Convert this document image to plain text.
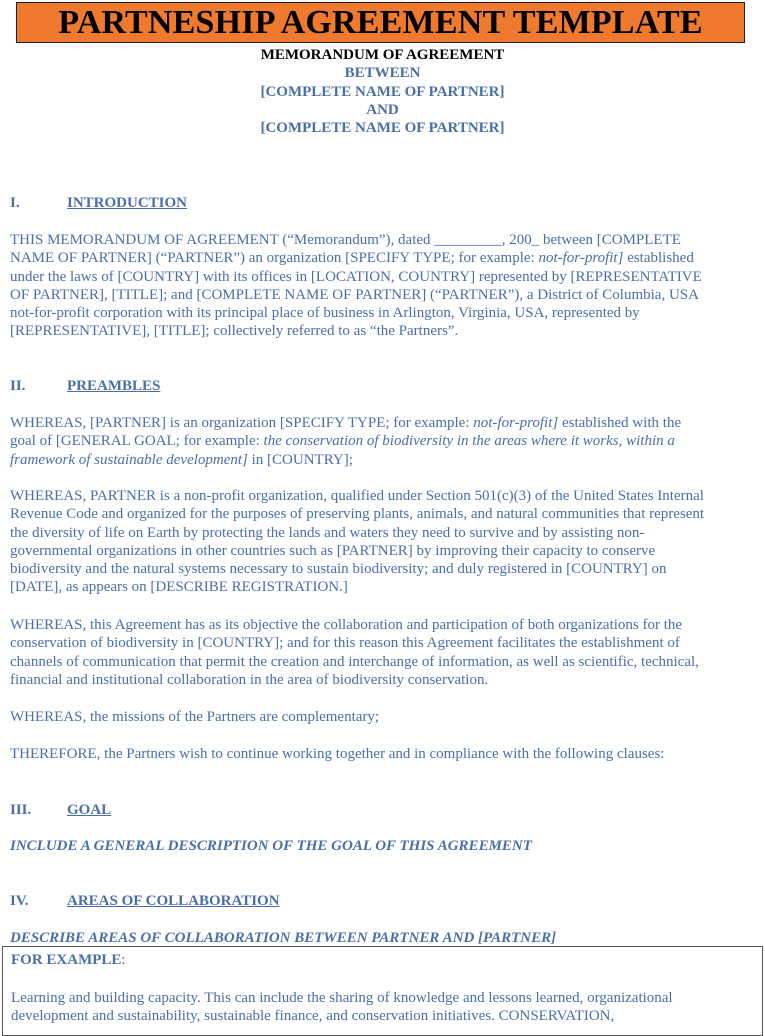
PARTNESHIP AGREEMENT TEMPLATE
MEMORANDUM OF AGREEMENT
BETWEEN
[COMPLETE NAME OF PARTNER]
AND
[COMPLETE NAME OF PARTNER]
I.	INTRODUCTION
THIS MEMORANDUM OF AGREEMENT (“Memorandum”), dated _________, 200_ between [COMPLETE
NAME OF PARTNER] (“PARTNER”) an organization [SPECIFY TYPE; for example: not-for-profit] established
under the laws of [COUNTRY] with its offices in [LOCATION, COUNTRY] represented by [REPRESENTATIVE
OF PARTNER], [TITLE]; and [COMPLETE NAME OF PARTNER] (“PARTNER”), a District of Columbia, USA
not-for-profit corporation with its principal place of business in Arlington, Virginia, USA, represented by
[REPRESENTATIVE], [TITLE]; collectively referred to as “the Partners”.
II.	PREAMBLES
WHEREAS, [PARTNER] is an organization [SPECIFY TYPE; for example: not-for-profit] established with the
goal of [GENERAL GOAL; for example: the conservation of biodiversity in the areas where it works, within a
framework of sustainable development] in [COUNTRY];
WHEREAS, PARTNER is a non-profit organization, qualified under Section 501(c)(3) of the United States Internal
Revenue Code and organized for the purposes of preserving plants, animals, and natural communities that represent
the diversity of life on Earth by protecting the lands and waters they need to survive and by assisting non-
governmental organizations in other countries such as [PARTNER] by improving their capacity to conserve
biodiversity and the natural systems necessary to sustain biodiversity; and duly registered in [COUNTRY] on
[DATE], as appears on [DESCRIBE REGISTRATION.]
WHEREAS, this Agreement has as its objective the collaboration and participation of both organizations for the
conservation of biodiversity in [COUNTRY]; and for this reason this Agreement facilitates the establishment of
channels of communication that permit the creation and interchange of information, as well as scientific, technical,
financial and institutional collaboration in the area of biodiversity conservation.
WHEREAS, the missions of the Partners are complementary;
THEREFORE, the Partners wish to continue working together and in compliance with the following clauses:
III. GOAL
INCLUDE A GENERAL DESCRIPTION OF THE GOAL OF THIS AGREEMENT
IV.	AREAS OF COLLABORATION
DESCRIBE AREAS OF COLLABORATION BETWEEN PARTNER AND [PARTNER]
FOR EXAMPLE:
Learning and building capacity. This can include the sharing of knowledge and lessons learned, organizational
development and sustainability, sustainable finance, and conservation initiatives. CONSERVATION,
